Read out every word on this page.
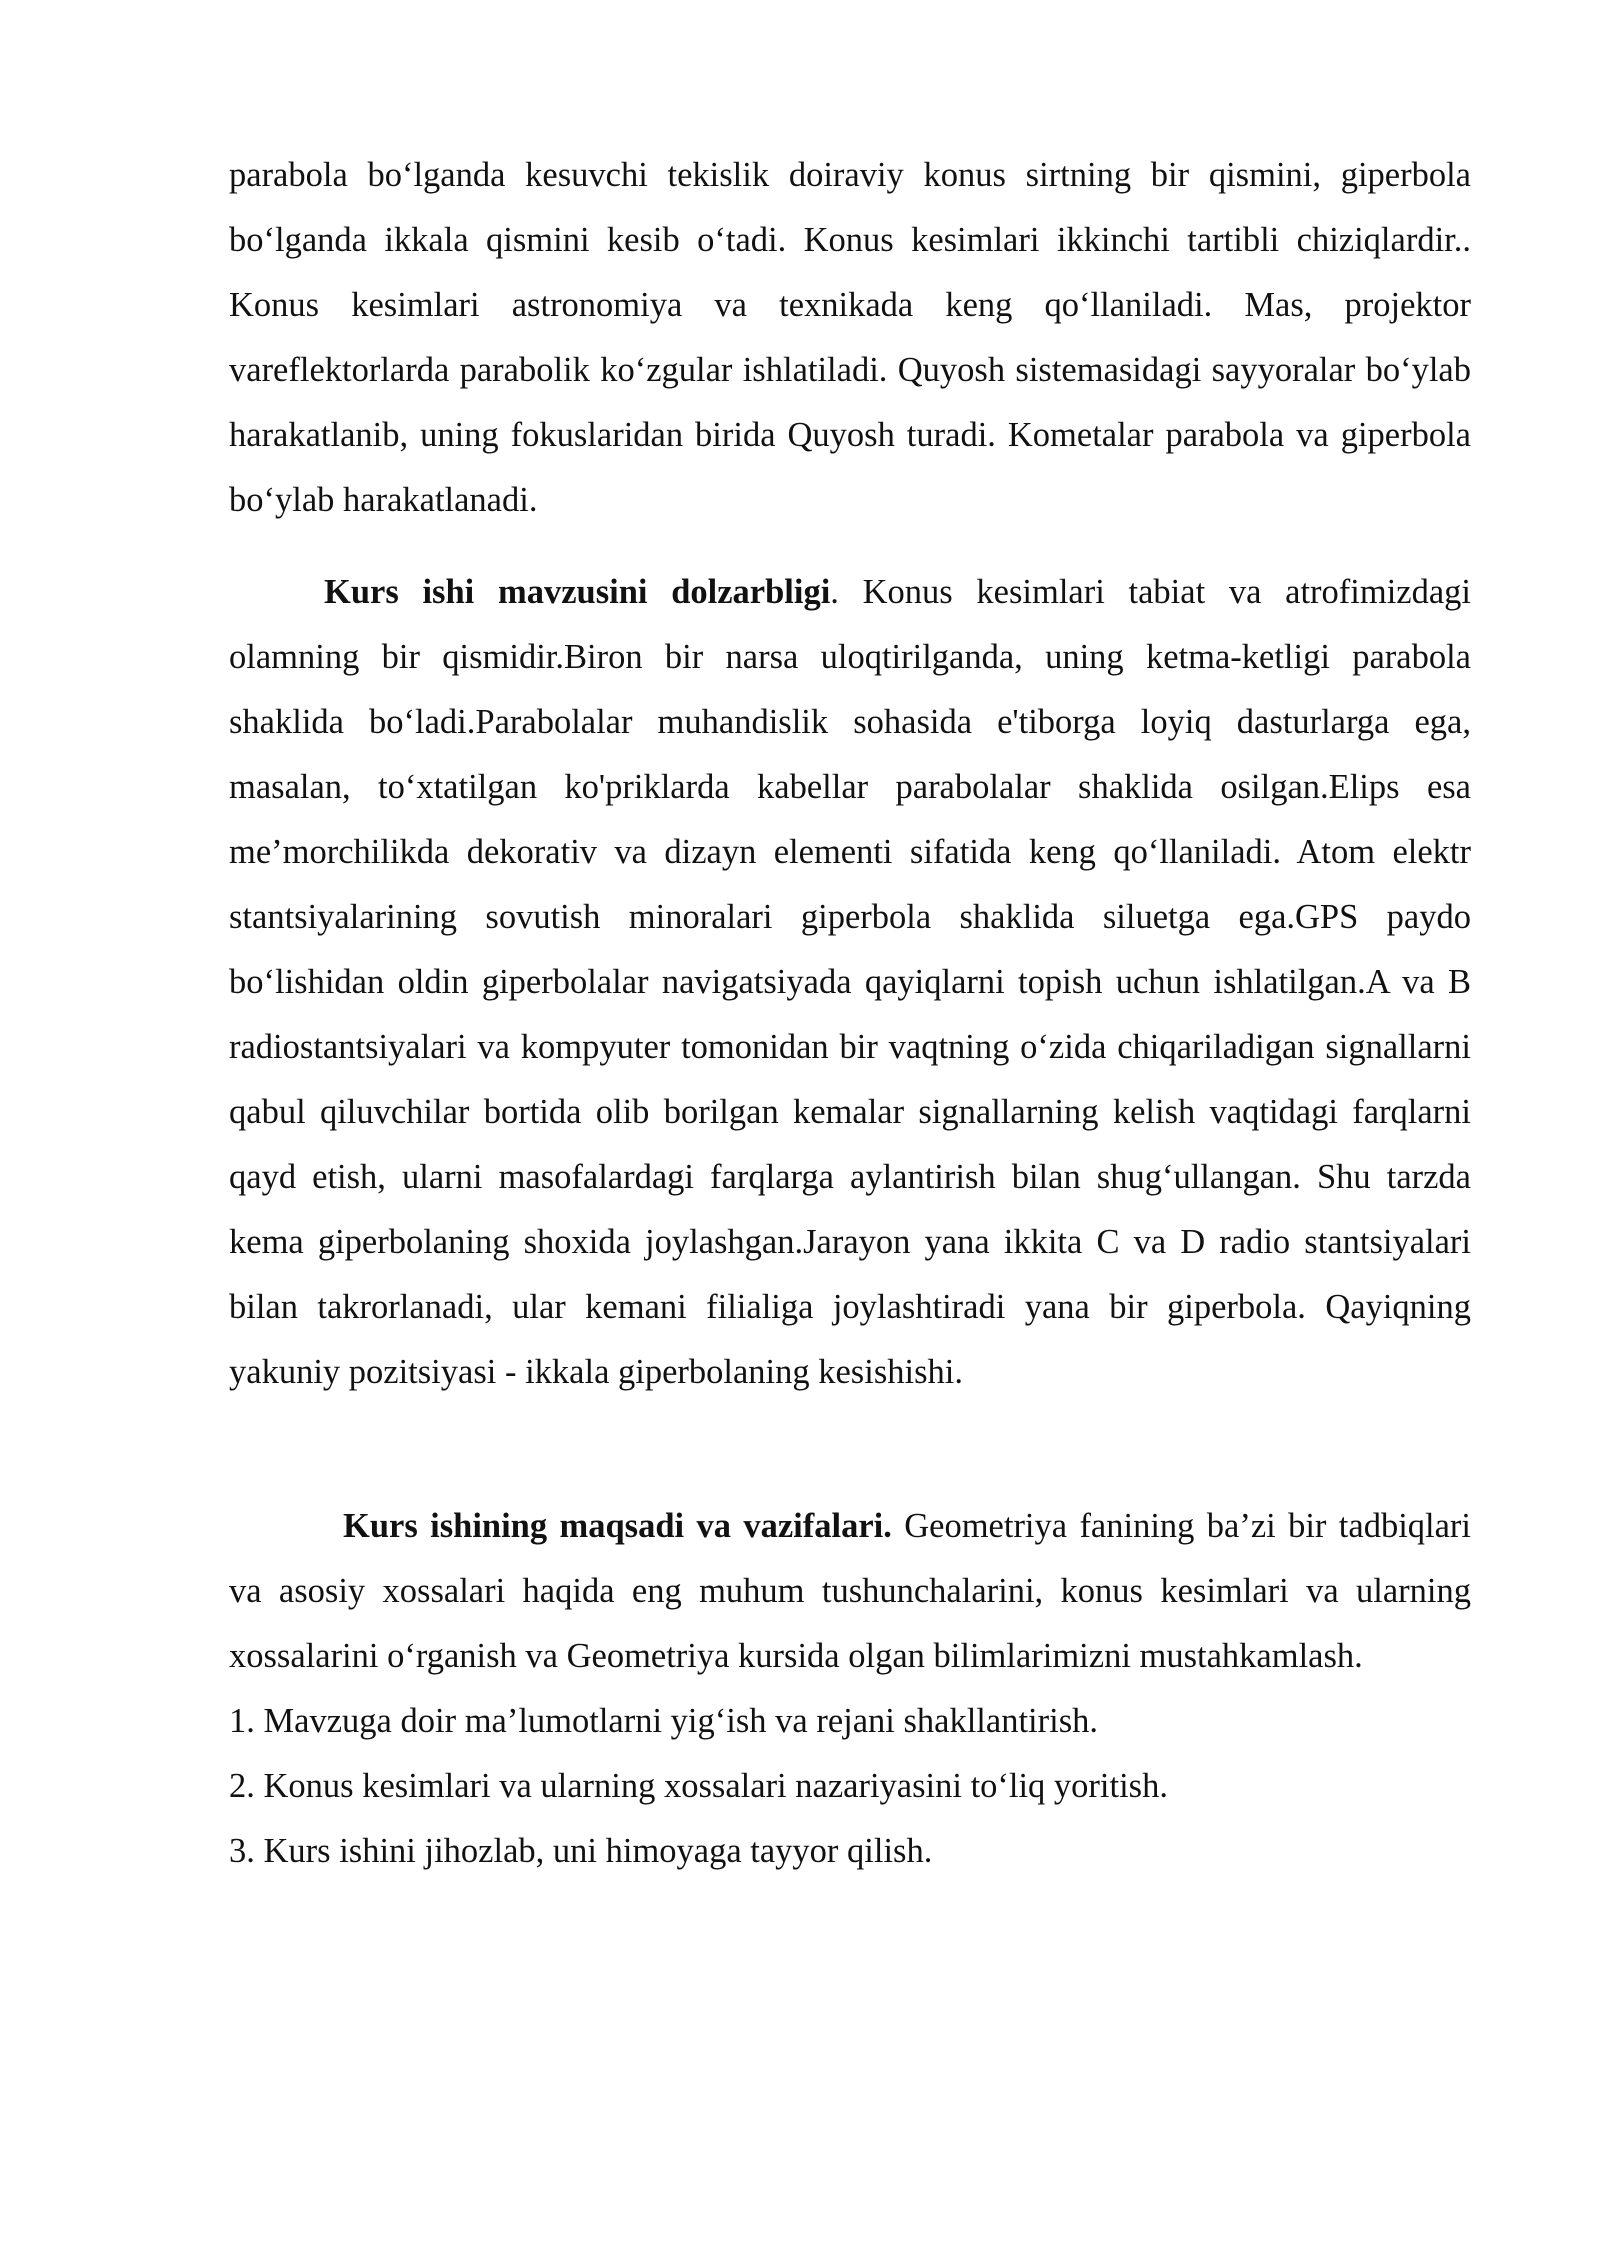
parabola bo‘lganda kesuvchi tekislik doiraviy konus sirtning bir qismini, giperbola bo‘lganda ikkala qismini kesib o‘tadi. Konus kesimlari ikkinchi tartibli chiziqlardir.. Konus kesimlari astronomiya va texnikada keng qo‘llaniladi. Mas, projektor vareflektorlarda parabolik ko‘zgular ishlatiladi. Quyosh sistemasidagi sayyoralar bo‘ylab harakatlanib, uning fokuslaridan birida Quyosh turadi. Kometalar parabola va giperbola bo‘ylab harakatlanadi.

Kurs ishi mavzusini dolzarbligi. Konus kesimlari tabiat va atrofimizdagi olamning bir qismidir.Biron bir narsa uloqtirilganda, uning ketma-ketligi parabola shaklida bo‘ladi.Parabolalar muhandislik sohasida e'tiborga loyiq dasturlarga ega, masalan, to‘xtatilgan ko'priklarda kabellar parabolalar shaklida osilgan.Elips esa me’morchilikda dekorativ va dizayn elementi sifatida keng qo‘llaniladi. Atom elektr stantsiyalarining sovutish minoralari giperbola shaklida siluetga ega.GPS paydo bo‘lishidan oldin giperbolalar navigatsiyada qayiqlarni topish uchun ishlatilgan.A va B radiostantsiyalari va kompyuter tomonidan bir vaqtning o‘zida chiqariladigan signallarni qabul qiluvchilar bortida olib borilgan kemalar signallarning kelish vaqtidagi farqlarni qayd etish, ularni masofalardagi farqlarga aylantirish bilan shug‘ullangan. Shu tarzda kema giperbolaning shoxida joylashgan.Jarayon yana ikkita C va D radio stantsiyalari bilan takrorlanadi, ular kemani filialiga joylashtiradi yana bir giperbola. Qayiqning yakuniy pozitsiyasi - ikkala giperbolaning kesishishi.

Kurs ishining maqsadi va vazifalari. Geometriya fanining ba’zi bir tadbiqlari va asosiy xossalari haqida eng muhum tushunchalarini, konus kesimlari va ularning xossalarini o‘rganish va Geometriya kursida olgan bilimlarimizni mustahkamlash.

1. Mavzuga doir ma’lumotlarni yig‘ish va rejani shakllantirish.

2. Konus kesimlari va ularning xossalari nazariyasini to‘liq yoritish.

3. Kurs ishini jihozlab, uni himoyaga tayyor qilish.
